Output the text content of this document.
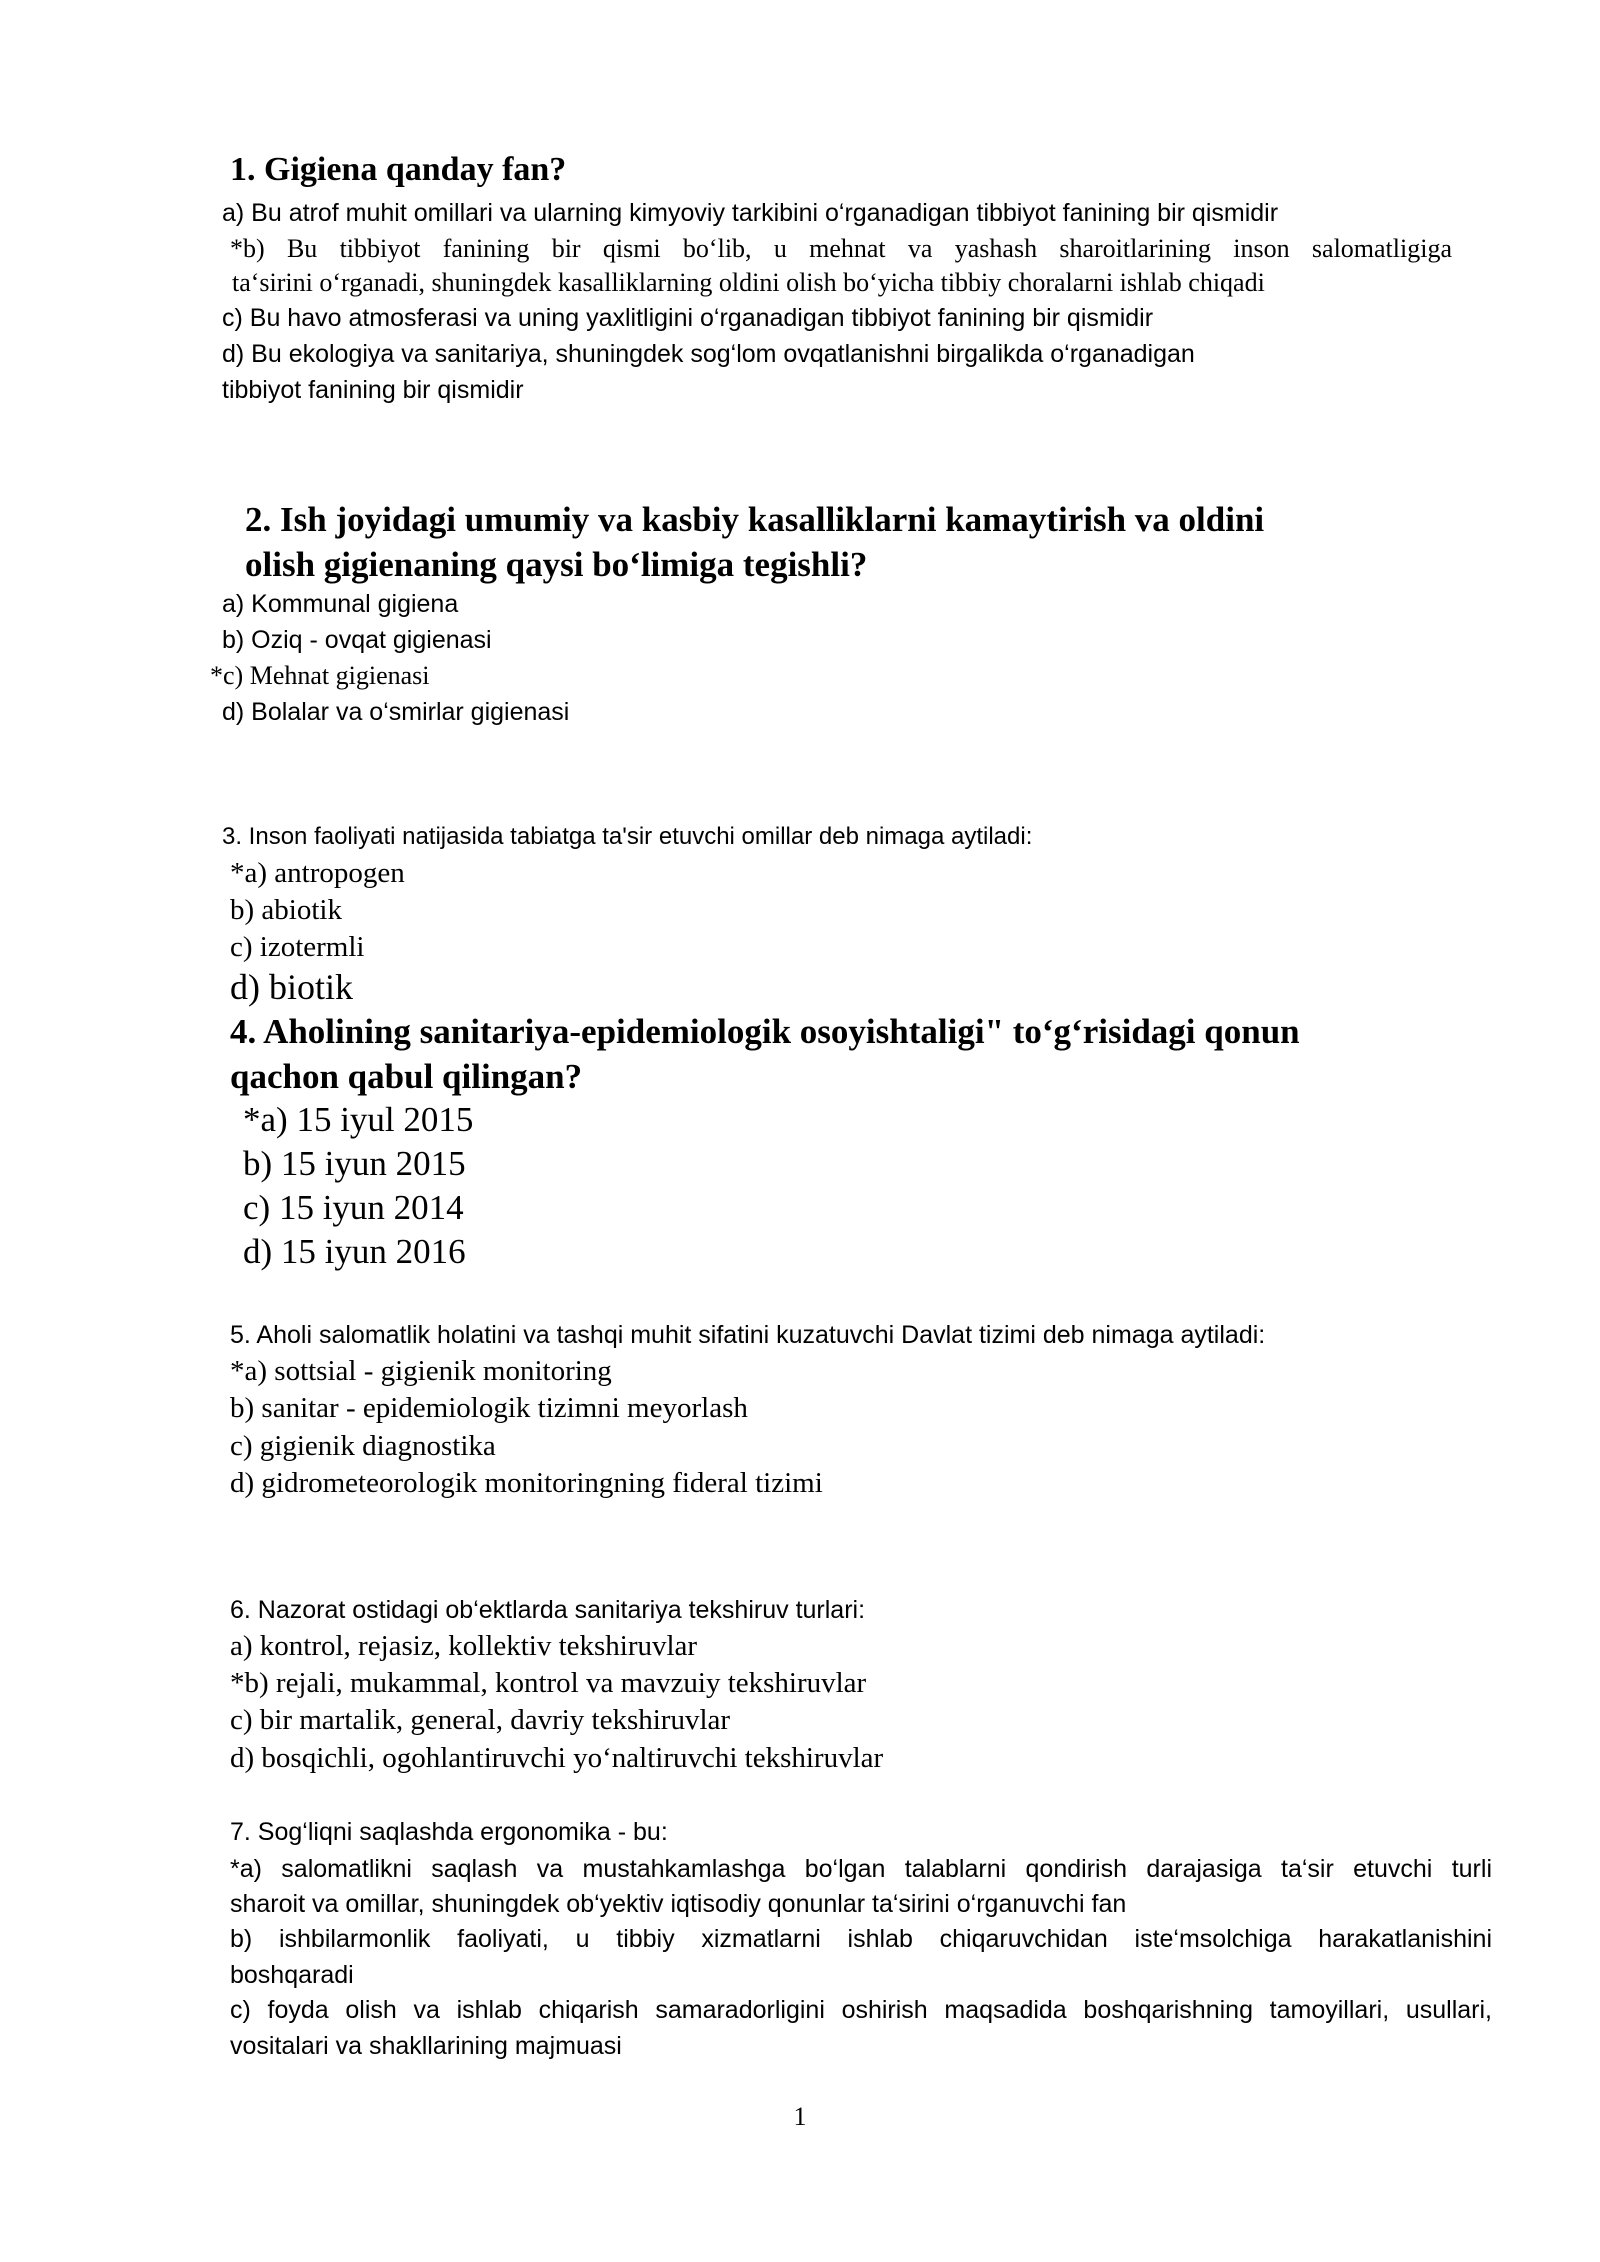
1. Gigiena qanday fan?
a) Bu atrof muhit omillari va ularning kimyoviy tarkibini o‘rganadigan tibbiyot fanining bir qismidir
*b) Bu tibbiyot fanining bir qismi bo‘lib, u mehnat va yashash sharoitlarining inson salomatligiga
ta‘sirini o‘rganadi, shuningdek kasalliklarning oldini olish bo‘yicha tibbiy choralarni ishlab chiqadi
c) Bu havo atmosferasi va uning yaxlitligini o‘rganadigan tibbiyot fanining bir qismidir
d) Bu ekologiya va sanitariya, shuningdek sog‘lom ovqatlanishni birgalikda o‘rganadigan
tibbiyot fanining bir qismidir
2. Ish joyidagi umumiy va kasbiy kasalliklarni kamaytirish va oldini
olish gigienaning qaysi bo‘limiga tegishli?
a) Kommunal gigiena
b) Oziq - ovqat gigienasi
*c) Mehnat gigienasi
d) Bolalar va o‘smirlar gigienasi
3. Inson faoliyati natijasida tabiatga ta'sir etuvchi omillar deb nimaga aytiladi:
*a) antropogen
b) abiotik
c) izotermli
d) biotik
4. Aholining sanitariya-epidemiologik osoyishtaligi" to‘g‘risidagi qonun
qachon qabul qilingan?
*a) 15 iyul 2015
b) 15 iyun 2015
c) 15 iyun 2014
d) 15 iyun 2016
5. Aholi salomatlik holatini va tashqi muhit sifatini kuzatuvchi Davlat tizimi deb nimaga aytiladi:
*a) sottsial - gigienik monitoring
b) sanitar - epidemiologik tizimni meyorlash
c) gigienik diagnostika
d) gidrometeorologik monitoringning fideral tizimi
6. Nazorat ostidagi ob‘ektlarda sanitariya tekshiruv turlari:
a) kontrol, rejasiz, kollektiv tekshiruvlar
*b) rejali, mukammal, kontrol va mavzuiy tekshiruvlar
c) bir martalik, general, davriy tekshiruvlar
d) bosqichli, ogohlantiruvchi yo‘naltiruvchi tekshiruvlar
7. Sog‘liqni saqlashda ergonomika - bu:
*a) salomatlikni saqlash va mustahkamlashga bo‘lgan talablarni qondirish darajasiga ta‘sir etuvchi turli
sharoit va omillar, shuningdek ob‘yektiv iqtisodiy qonunlar ta‘sirini o‘rganuvchi fan
b) ishbilarmonlik faoliyati, u tibbiy xizmatlarni ishlab chiqaruvchidan iste‘msolchiga harakatlanishini
boshqaradi
c) foyda olish va ishlab chiqarish samaradorligini oshirish maqsadida boshqarishning tamoyillari, usullari,
vositalari va shakllarining majmuasi
1
